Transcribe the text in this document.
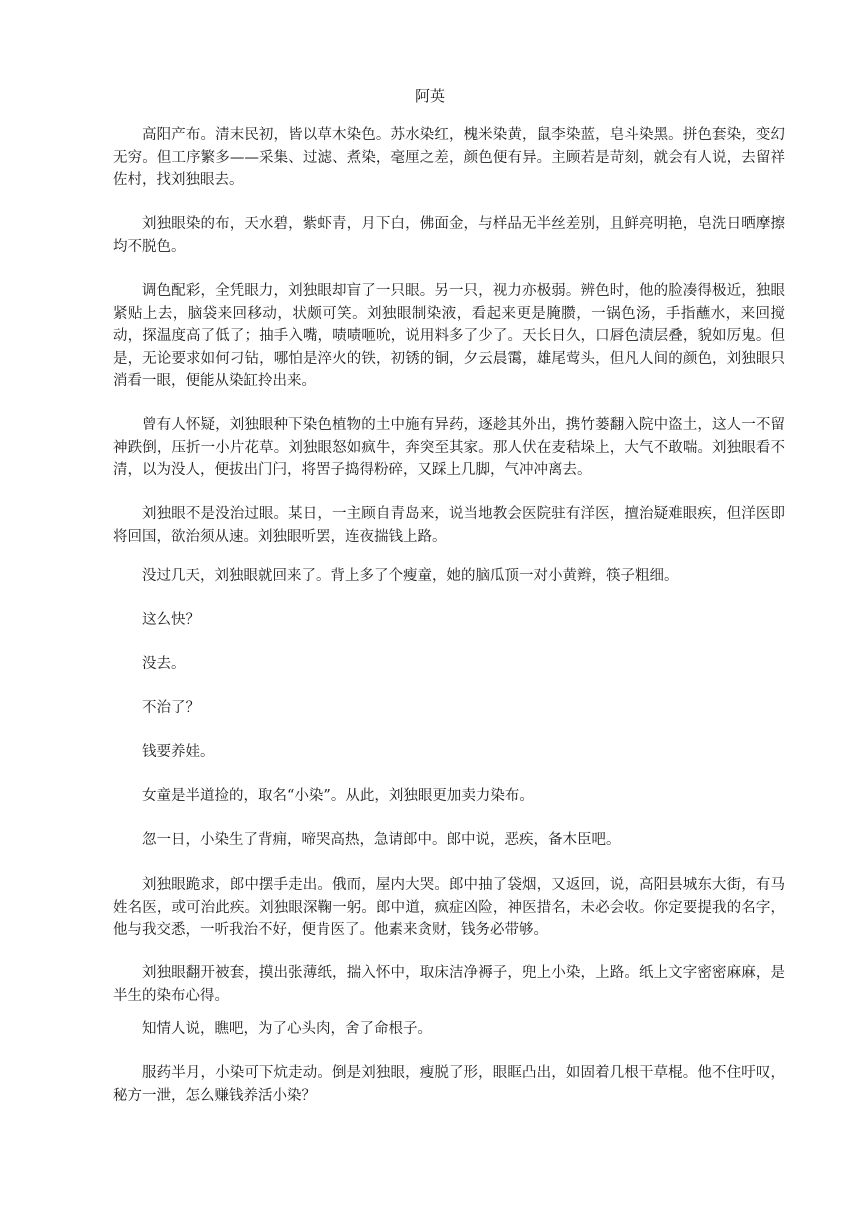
阿英

高阳产布。清末民初，皆以草木染色。苏水染红，槐米染黄，鼠李染蓝，皂斗染黑。拼色套染，变幻无穷。但工序繁多——采集、过滤、煮染，毫厘之差，颜色便有异。主顾若是苛刻，就会有人说，去留祥佐村，找刘独眼去。

刘独眼染的布，天水碧，紫虾青，月下白，佛面金，与样品无半丝差别，且鲜亮明艳，皂洗日晒摩擦均不脱色。

调色配彩，全凭眼力，刘独眼却盲了一只眼。另一只，视力亦极弱。辨色时，他的脸凑得极近，独眼紧贴上去，脑袋来回移动，状颇可笑。刘独眼制染液，看起来更是腌臜，一锅色汤，手指蘸水，来回搅动，探温度高了低了；抽手入嘴，啧啧咂吮，说用料多了少了。天长日久，口唇色渍层叠，貌如厉鬼。但是，无论要求如何刁钻，哪怕是淬火的铁，初锈的铜，夕云晨霭，雄尾莺头，但凡人间的颜色，刘独眼只消看一眼，便能从染缸拎出来。

曾有人怀疑，刘独眼种下染色植物的土中施有异药，逐趁其外出，携竹蒌翻入院中盗土，这人一不留神跌倒，压折一小片花草。刘独眼怒如疯牛，奔突至其家。那人伏在麦秸垛上，大气不敢喘。刘独眼看不清，以为没人，便拔出门闩，将罟子捣得粉碎，又踩上几脚，气冲冲离去。

刘独眼不是没治过眼。某日，一主顾自青岛来，说当地教会医院驻有洋医，擅治疑难眼疾，但洋医即将回国，欲治须从速。刘独眼听罢，连夜揣钱上路。

没过几天，刘独眼就回来了。背上多了个瘦童，她的脑瓜顶一对小黄辫，筷子粗细。

这么快？

没去。

不治了？

钱要养娃。

女童是半道捡的，取名“小染”。从此，刘独眼更加卖力染布。

忽一日，小染生了背痈，啼哭高热，急请郎中。郎中说，恶疾，备木臣吧。

刘独眼跪求，郎中摆手走出。俄而，屋内大哭。郎中抽了袋烟，又返回，说，高阳县城东大街，有马姓名医，或可治此疾。刘独眼深鞠一躬。郎中道，疯症凶险，神医措名，未必会收。你定要提我的名字，他与我交悉，一听我治不好，便肯医了。他素来贪财，钱务必带够。

刘独眼翻开被套，摸出张薄纸，揣入怀中，取床洁净褥子，兜上小染，上路。纸上文字密密麻麻，是半生的染布心得。

知情人说，瞧吧，为了心头肉，舍了命根子。

服药半月，小染可下炕走动。倒是刘独眼，瘦脱了形，眼眶凸出，如固着几根干草棍。他不住吁叹，秘方一泄，怎么赚钱养活小染？
